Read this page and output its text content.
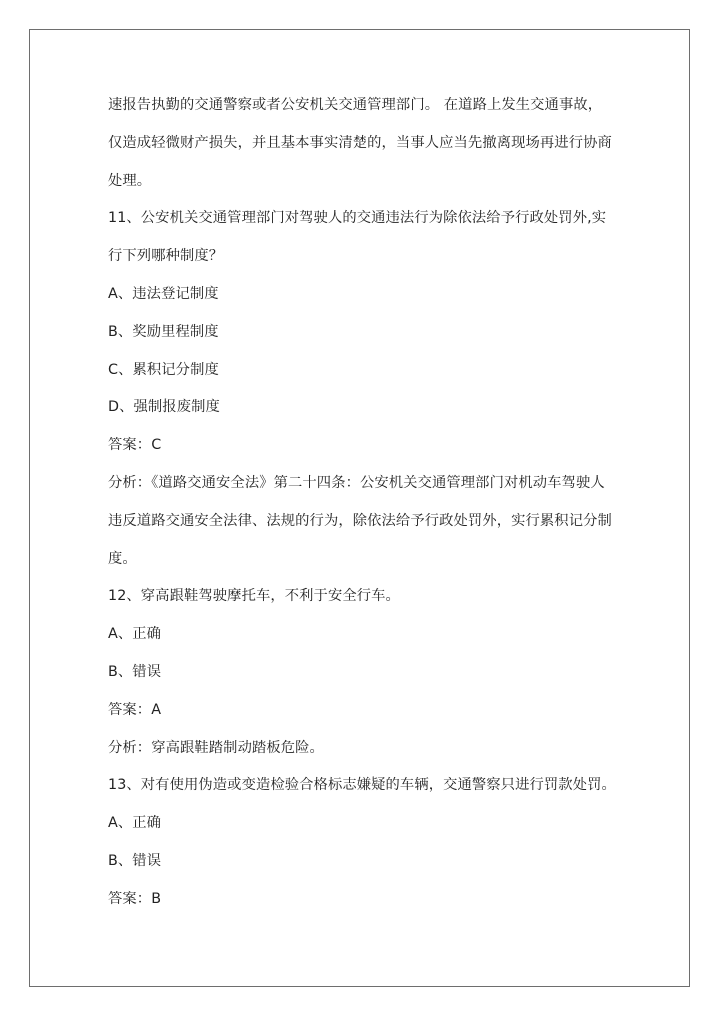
速报告执勤的交通警察或者公安机关交通管理部门。 在道路上发生交通事故，
仅造成轻微财产损失，并且基本事实清楚的，当事人应当先撤离现场再进行协商
处理。
11、公安机关交通管理部门对驾驶人的交通违法行为除依法给予行政处罚外,实
行下列哪种制度？
A、违法登记制度
B、奖励里程制度
C、累积记分制度
D、强制报废制度
答案：C
分析：《道路交通安全法》第二十四条：公安机关交通管理部门对机动车驾驶人
违反道路交通安全法律、法规的行为，除依法给予行政处罚外，实行累积记分制
度。
12、穿高跟鞋驾驶摩托车，不利于安全行车。
A、正确
B、错误
答案：A
分析：穿高跟鞋踏制动踏板危险。
13、对有使用伪造或变造检验合格标志嫌疑的车辆，交通警察只进行罚款处罚。
A、正确
B、错误
答案：B
